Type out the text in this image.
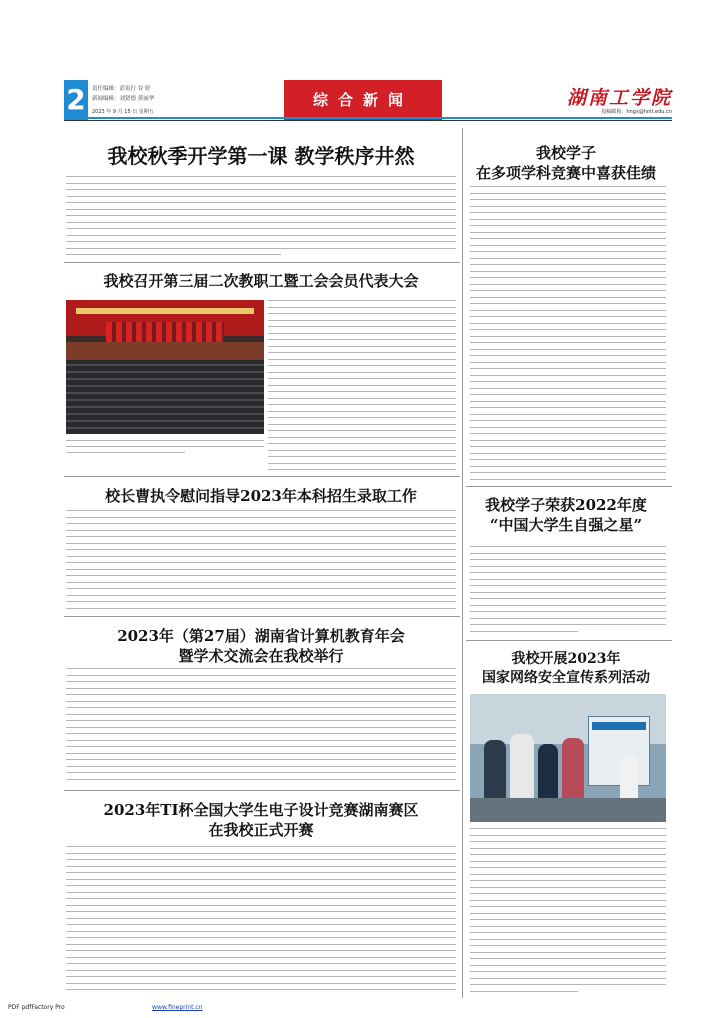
2	责任编辑：彭寅行 谷 婷
新闻编辑：刘贤德 黄丽华
2023 年 9 月 15 日 星期五
综合新闻	湖南工学院
投稿邮箱：hngx@hnit.edu.cn
我校秋季开学第一课 教学秩序井然
我校召开第三届二次教职工暨工会会员代表大会
校长曹执令慰问指导2023年本科招生录取工作
2023年（第27届）湖南省计算机教育年会
暨学术交流会在我校举行
2023年TI杯全国大学生电子设计竞赛湖南赛区
在我校正式开赛
我校学子
在多项学科竞赛中喜获佳绩
我校学子荣获2022年度
“中国大学生自强之星”
我校开展2023年
国家网络安全宣传系列活动
PDF pdfFactory Pro	www.fineprint.cn
